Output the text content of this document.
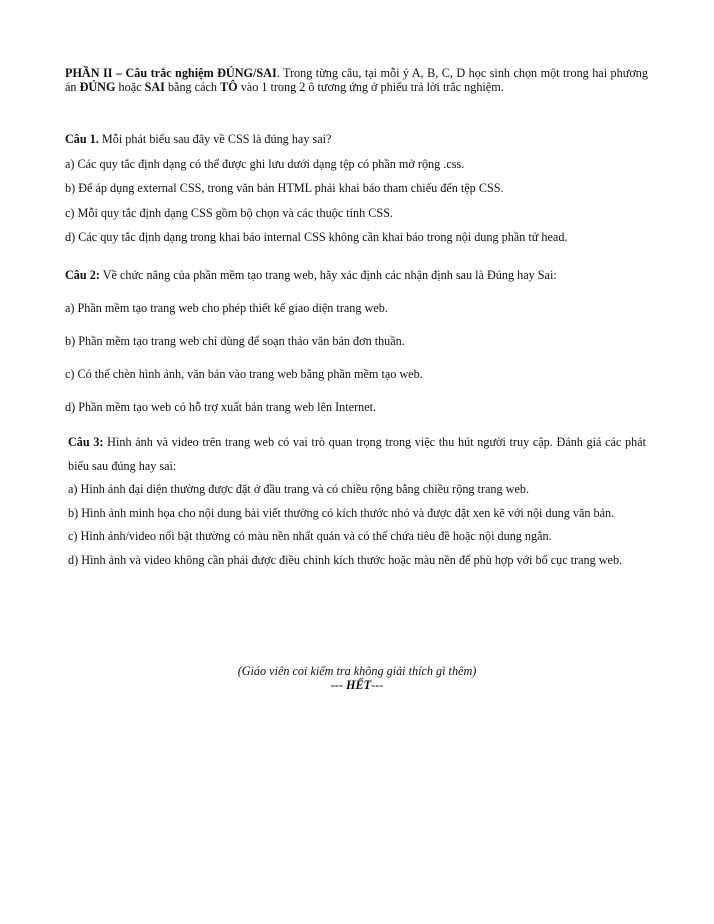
PHẦN II – Câu trắc nghiệm ĐÚNG/SAI. Trong từng câu, tại mỗi ý A, B, C, D học sinh chọn một trong hai phương án ĐÚNG hoặc SAI bằng cách TÔ vào 1 trong 2 ô tương ứng ở phiếu trả lời trắc nghiệm.

Câu 1. Mỗi phát biểu sau đây về CSS là đúng hay sai?

a) Các quy tắc định dạng có thể được ghi lưu dưới dạng tệp có phần mở rộng .css.

b) Để áp dụng external CSS, trong văn bản HTML phải khai báo tham chiếu đến tệp CSS.

c) Mỗi quy tắc định dạng CSS gồm bộ chọn và các thuộc tính CSS.

d) Các quy tắc định dạng trong khai báo internal CSS không cần khai báo trong nội dung phần tử head.

Câu 2: Về chức năng của phần mềm tạo trang web, hãy xác định các nhận định sau là Đúng hay Sai:

a) Phần mềm tạo trang web cho phép thiết kế giao diện trang web.

b) Phần mềm tạo trang web chỉ dùng để soạn thảo văn bản đơn thuần.

c) Có thể chèn hình ảnh, văn bản vào trang web bằng phần mềm tạo web.

d) Phần mềm tạo web có hỗ trợ xuất bản trang web lên Internet.

Câu 3: Hình ảnh và video trên trang web có vai trò quan trọng trong việc thu hút người truy cập. Đánh giá các phát biểu sau đúng hay sai:

a) Hình ảnh đại diện thường được đặt ở đầu trang và có chiều rộng bằng chiều rộng trang web.

b) Hình ảnh minh họa cho nội dung bài viết thường có kích thước nhỏ và được đặt xen kẽ với nội dung văn bản.

c) Hình ảnh/video nổi bật thường có màu nền nhất quán và có thể chứa tiêu đề hoặc nội dung ngắn.

d) Hình ảnh và video không cần phải được điều chỉnh kích thước hoặc màu nền để phù hợp với bố cục trang web.

(Giáo viên coi kiểm tra không giải thích gì thêm)
--- HẾT---
